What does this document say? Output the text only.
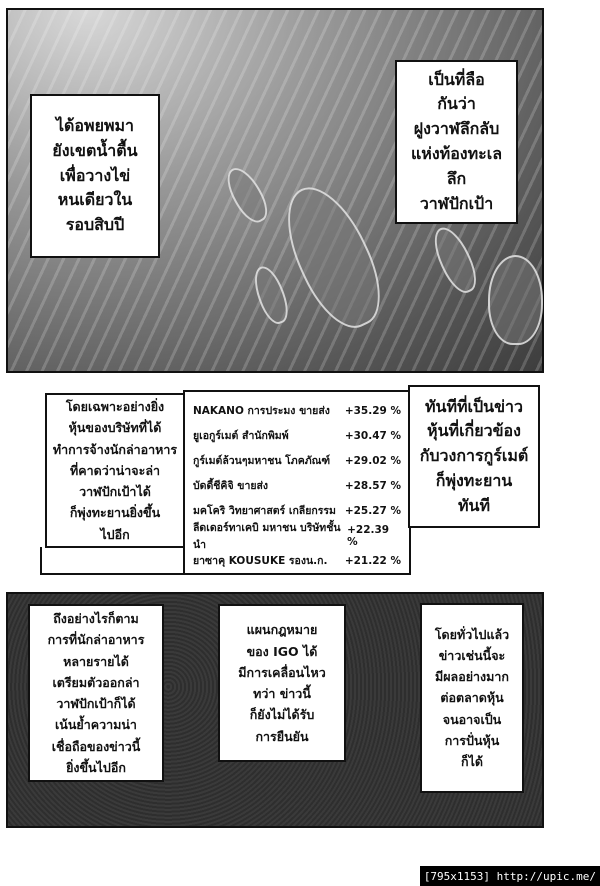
ได้อพยพมา
ยังเขตน้ำตื้น
เพื่อวางไข่
หนเดียวใน
รอบสิบปี
เป็นที่ลือ
กันว่า
ฝูงวาฬลึกลับ
แห่งท้องทะเล
ลึก
วาฬปักเป้า
โดยเฉพาะอย่างยิ่ง
หุ้นของบริษัทที่ได้
ทำการจ้างนักล่าอาหาร
ที่คาดว่าน่าจะล่า
วาฬปักเป้าได้
ก็พุ่งทะยานยิ่งขึ้น
ไปอีก
NAKANO การประมง ขายส่ง +35.29 %
ยูเอกูร์เมต์ สำนักพิมพ์	+30.47 %
กูร์เมต์ล้วนๆมหาชน โภคภัณฑ์ +29.02 %
บัดดี้ชีคิจิ ขายส่ง	+28.57 %
มคโคริ วิทยาศาสตร์ เกลียกรรม +25.27 %
ลีดเดอร์ทาเคบิ มหาชน บริษัทชั้นนำ
+22.39 %
ยาซาคุ KOUSUKE รองน.ก. +21.22 %
ทันทีที่เป็นข่าว
หุ้นที่เกี่ยวข้อง
กับวงการกูร์เมต์
ก็พุ่งทะยาน
ทันที
ถึงอย่างไรก็ตาม
การที่นักล่าอาหาร
หลายรายได้
เตรียมตัวออกล่า
วาฬปักเป้าก็ได้
เน้นย้ำความน่า
เชื่อถือของข่าวนี้
ยิ่งขึ้นไปอีก
แผนกฎหมาย
ของ IGO ได้
มีการเคลื่อนไหว
ทว่า ข่าวนี้
ก็ยังไม่ได้รับ
การยืนยัน
โดยทั่วไปแล้ว
ข่าวเช่นนี้จะ
มีผลอย่างมาก
ต่อตลาดหุ้น
จนอาจเป็น
การปั่นหุ้น
ก็ได้
[795x1153] http://upic.me/
